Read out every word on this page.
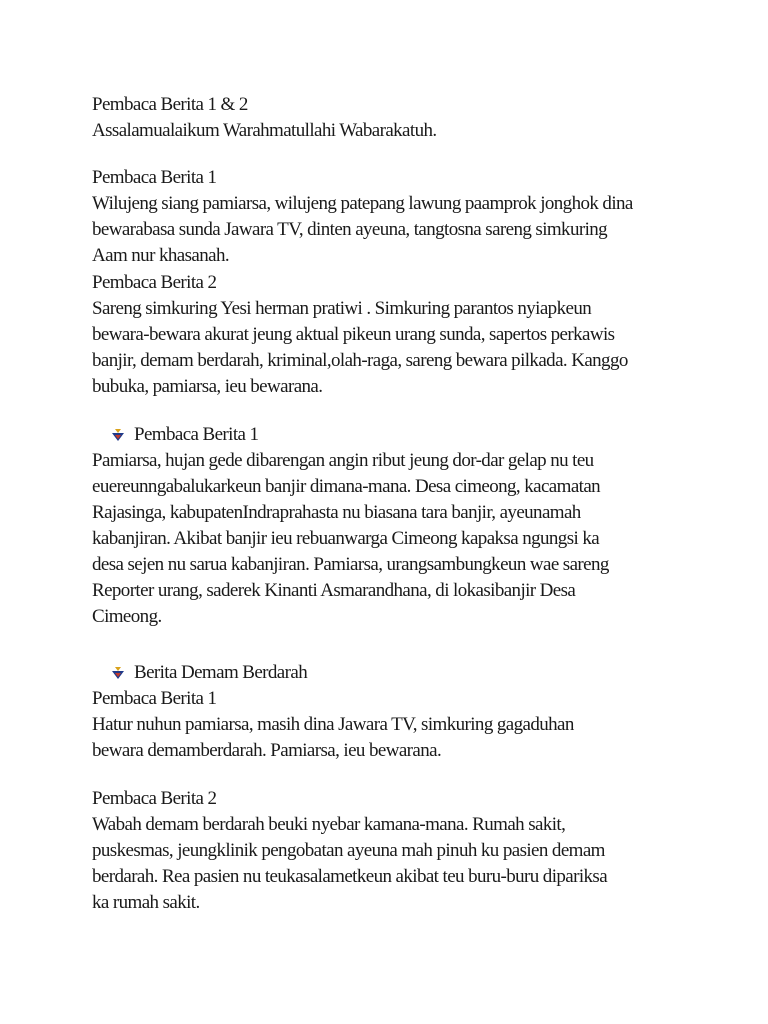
Pembaca Berita 1 & 2

Assalamualaikum Warahmatullahi Wabarakatuh.

Pembaca Berita 1

Wilujeng siang pamiarsa, wilujeng patepang lawung paamprok jonghok dina
bewarabasa sunda Jawara TV, dinten ayeuna, tangtosna sareng simkuring
Aam nur khasanah.

Pembaca Berita 2

Sareng simkuring Yesi herman pratiwi . Simkuring parantos nyiapkeun
bewara-bewara akurat jeung aktual pikeun urang sunda, sapertos perkawis
banjir, demam berdarah, kriminal,olah-raga, sareng bewara pilkada. Kanggo
bubuka, pamiarsa, ieu bewarana.

Pembaca Berita 1

Pamiarsa, hujan gede dibarengan angin ribut jeung dor-dar gelap nu teu
euereunngabalukarkeun banjir dimana-mana. Desa cimeong, kacamatan
Rajasinga, kabupatenIndraprahasta nu biasana tara banjir, ayeunamah
kabanjiran. Akibat banjir ieu rebuanwarga Cimeong kapaksa ngungsi ka
desa sejen nu sarua kabanjiran. Pamiarsa, urangsambungkeun wae sareng
Reporter urang, saderek Kinanti Asmarandhana, di lokasibanjir Desa
Cimeong.

Berita Demam Berdarah
Pembaca Berita 1

Hatur nuhun pamiarsa, masih dina Jawara TV, simkuring gagaduhan
bewara demamberdarah. Pamiarsa, ieu bewarana.

Pembaca Berita 2

Wabah demam berdarah beuki nyebar kamana-mana. Rumah sakit,
puskesmas, jeungklinik pengobatan ayeuna mah pinuh ku pasien demam
berdarah. Rea pasien nu teukasalametkeun akibat teu buru-buru dipariksa
ka rumah sakit.
